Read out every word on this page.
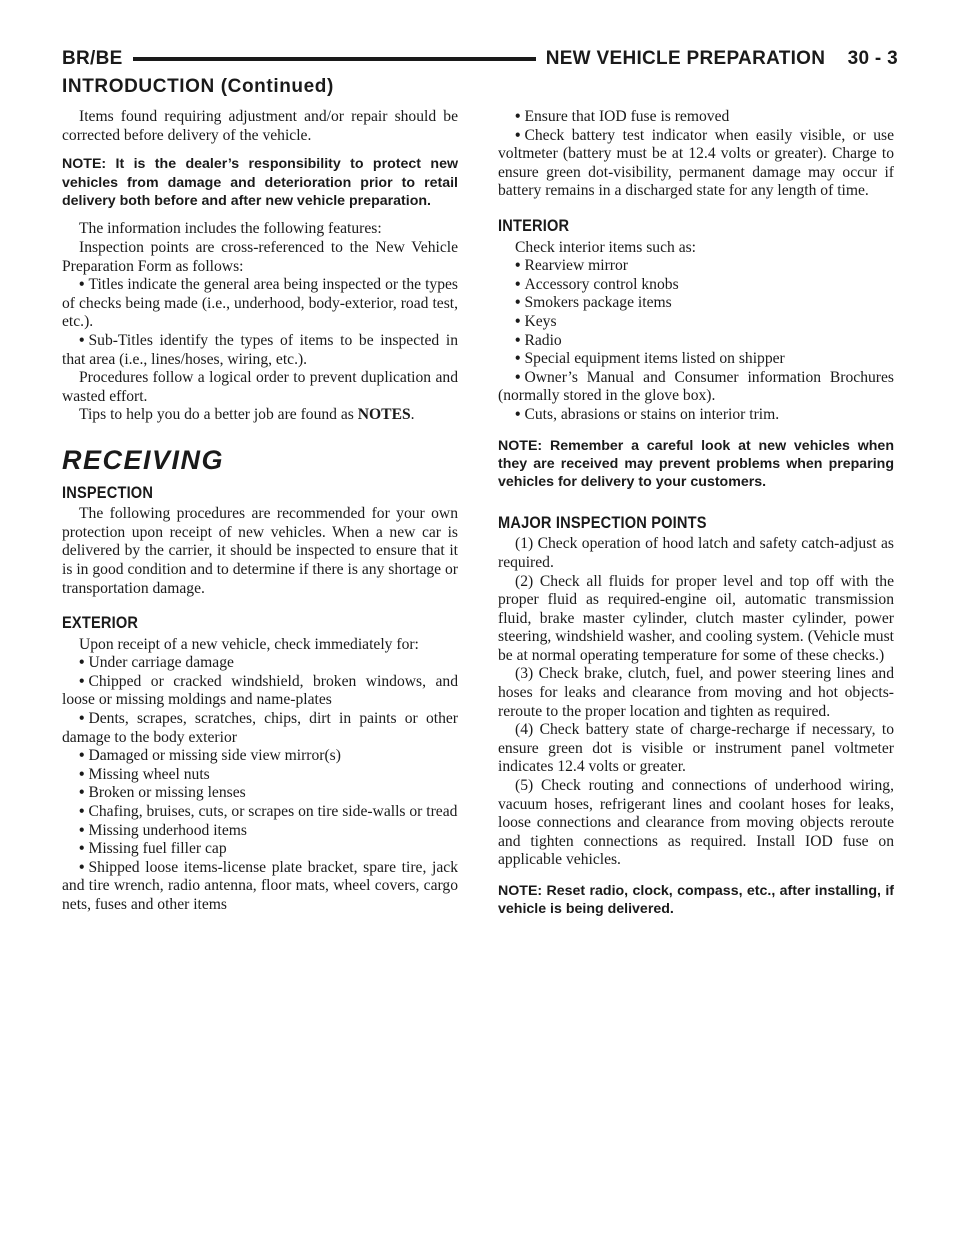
BR/BE	NEW VEHICLE PREPARATION    30 - 3
INTRODUCTION (Continued)

Items found requiring adjustment and/or repair should be corrected before delivery of the vehicle.

NOTE: It is the dealer’s responsibility to protect new vehicles from damage and deterioration prior to retail delivery both before and after new vehicle preparation.

The information includes the following features:

Inspection points are cross-referenced to the New Vehicle Preparation Form as follows:

• Titles indicate the general area being inspected or the types of checks being made (i.e., underhood, body-exterior, road test, etc.).

• Sub-Titles identify the types of items to be inspected in that area (i.e., lines/hoses, wiring, etc.).

Procedures follow a logical order to prevent duplication and wasted effort.

Tips to help you do a better job are found as NOTES.

RECEIVING
INSPECTION

The following procedures are recommended for your own protection upon receipt of new vehicles. When a new car is delivered by the carrier, it should be inspected to ensure that it is in good condition and to determine if there is any shortage or transportation damage.

EXTERIOR

Upon receipt of a new vehicle, check immediately for:

• Under carriage damage

• Chipped or cracked windshield, broken windows, and loose or missing moldings and name-plates

• Dents, scrapes, scratches, chips, dirt in paints or other damage to the body exterior

• Damaged or missing side view mirror(s)

• Missing wheel nuts

• Broken or missing lenses

• Chafing, bruises, cuts, or scrapes on tire side-walls or tread

• Missing underhood items

• Missing fuel filler cap

• Shipped loose items-license plate bracket, spare tire, jack and tire wrench, radio antenna, floor mats, wheel covers, cargo nets, fuses and other items

• Ensure that IOD fuse is removed

• Check battery test indicator when easily visible, or use voltmeter (battery must be at 12.4 volts or greater). Charge to ensure green dot-visibility, permanent damage may occur if battery remains in a discharged state for any length of time.

INTERIOR

Check interior items such as:

• Rearview mirror

• Accessory control knobs

• Smokers package items

• Keys

• Radio

• Special equipment items listed on shipper

• Owner’s Manual and Consumer information Brochures (normally stored in the glove box).

• Cuts, abrasions or stains on interior trim.

NOTE: Remember a careful look at new vehicles when they are received may prevent problems when preparing vehicles for delivery to your customers.

MAJOR INSPECTION POINTS

(1) Check operation of hood latch and safety catch-adjust as required.

(2) Check all fluids for proper level and top off with the proper fluid as required-engine oil, automatic transmission fluid, brake master cylinder, clutch master cylinder, power steering, windshield washer, and cooling system. (Vehicle must be at normal operating temperature for some of these checks.)

(3) Check brake, clutch, fuel, and power steering lines and hoses for leaks and clearance from moving and hot objects-reroute to the proper location and tighten as required.

(4) Check battery state of charge-recharge if necessary, to ensure green dot is visible or instrument panel voltmeter indicates 12.4 volts or greater.

(5) Check routing and connections of underhood wiring, vacuum hoses, refrigerant lines and coolant hoses for leaks, loose connections and clearance from moving objects reroute and tighten connections as required. Install IOD fuse on applicable vehicles.

NOTE: Reset radio, clock, compass, etc., after installing, if vehicle is being delivered.
